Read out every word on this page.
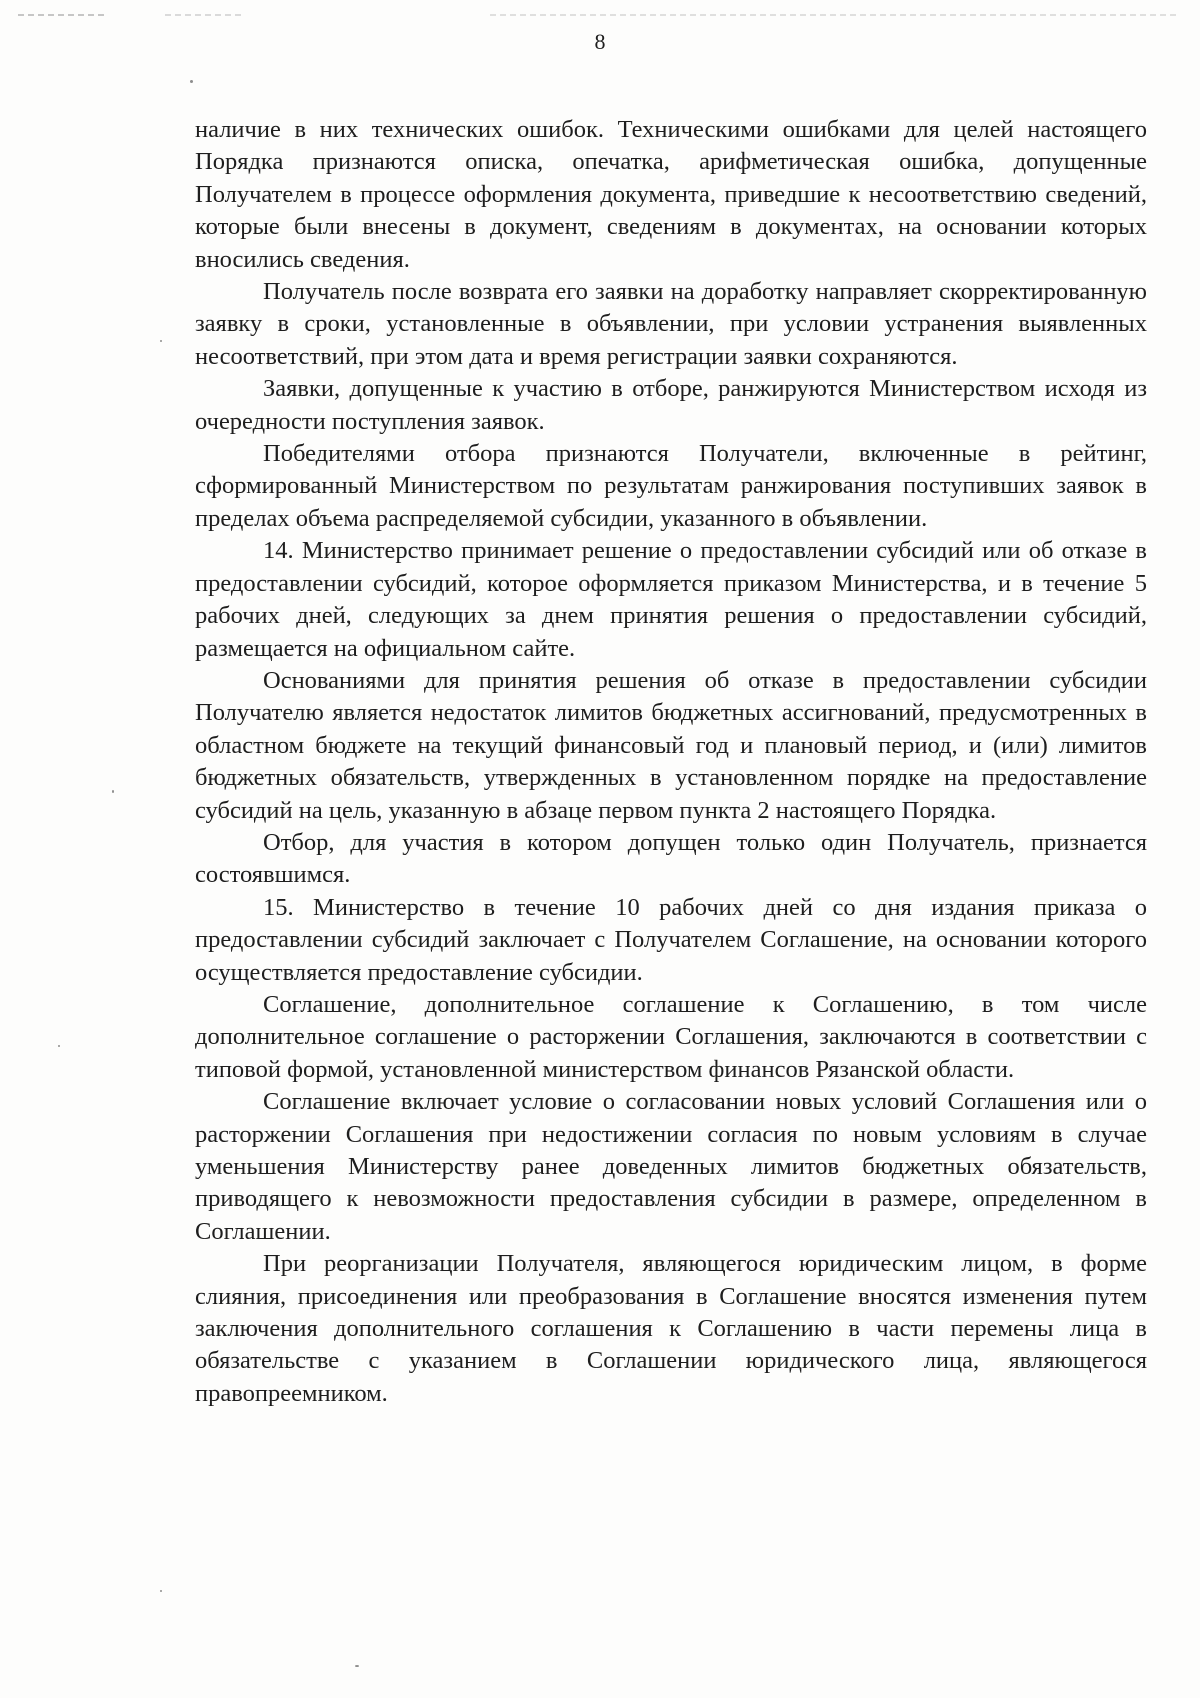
8

наличие в них технических ошибок. Техническими ошибками для целей настоящего Порядка признаются описка, опечатка, арифметическая ошибка, допущенные Получателем в процессе оформления документа, приведшие к несоответствию сведений, которые были внесены в документ, сведениям в документах, на основании которых вносились сведения.

Получатель после возврата его заявки на доработку направляет скорректированную заявку в сроки, установленные в объявлении, при условии устранения выявленных несоответствий, при этом дата и время регистрации заявки сохраняются.

Заявки, допущенные к участию в отборе, ранжируются Министерством исходя из очередности поступления заявок.

Победителями отбора признаются Получатели, включенные в рейтинг, сформированный Министерством по результатам ранжирования поступивших заявок в пределах объема распределяемой субсидии, указанного в объявлении.

14. Министерство принимает решение о предоставлении субсидий или об отказе в предоставлении субсидий, которое оформляется приказом Министерства, и в течение 5 рабочих дней, следующих за днем принятия решения о предоставлении субсидий, размещается на официальном сайте.

Основаниями для принятия решения об отказе в предоставлении субсидии Получателю является недостаток лимитов бюджетных ассигнований, предусмотренных в областном бюджете на текущий финансовый год и плановый период, и (или) лимитов бюджетных обязательств, утвержденных в установленном порядке на предоставление субсидий на цель, указанную в абзаце первом пункта 2 настоящего Порядка.

Отбор, для участия в котором допущен только один Получатель, признается состоявшимся.

15. Министерство в течение 10 рабочих дней со дня издания приказа о предоставлении субсидий заключает с Получателем Соглашение, на основании которого осуществляется предоставление субсидии.

Соглашение, дополнительное соглашение к Соглашению, в том числе дополнительное соглашение о расторжении Соглашения, заключаются в соответствии с типовой формой, установленной министерством финансов Рязанской области.

Соглашение включает условие о согласовании новых условий Соглашения или о расторжении Соглашения при недостижении согласия по новым условиям в случае уменьшения Министерству ранее доведенных лимитов бюджетных обязательств, приводящего к невозможности предоставления субсидии в размере, определенном в Соглашении.

При реорганизации Получателя, являющегося юридическим лицом, в форме слияния, присоединения или преобразования в Соглашение вносятся изменения путем заключения дополнительного соглашения к Соглашению в части перемены лица в обязательстве с указанием в Соглашении юридического лица, являющегося правопреемником.
